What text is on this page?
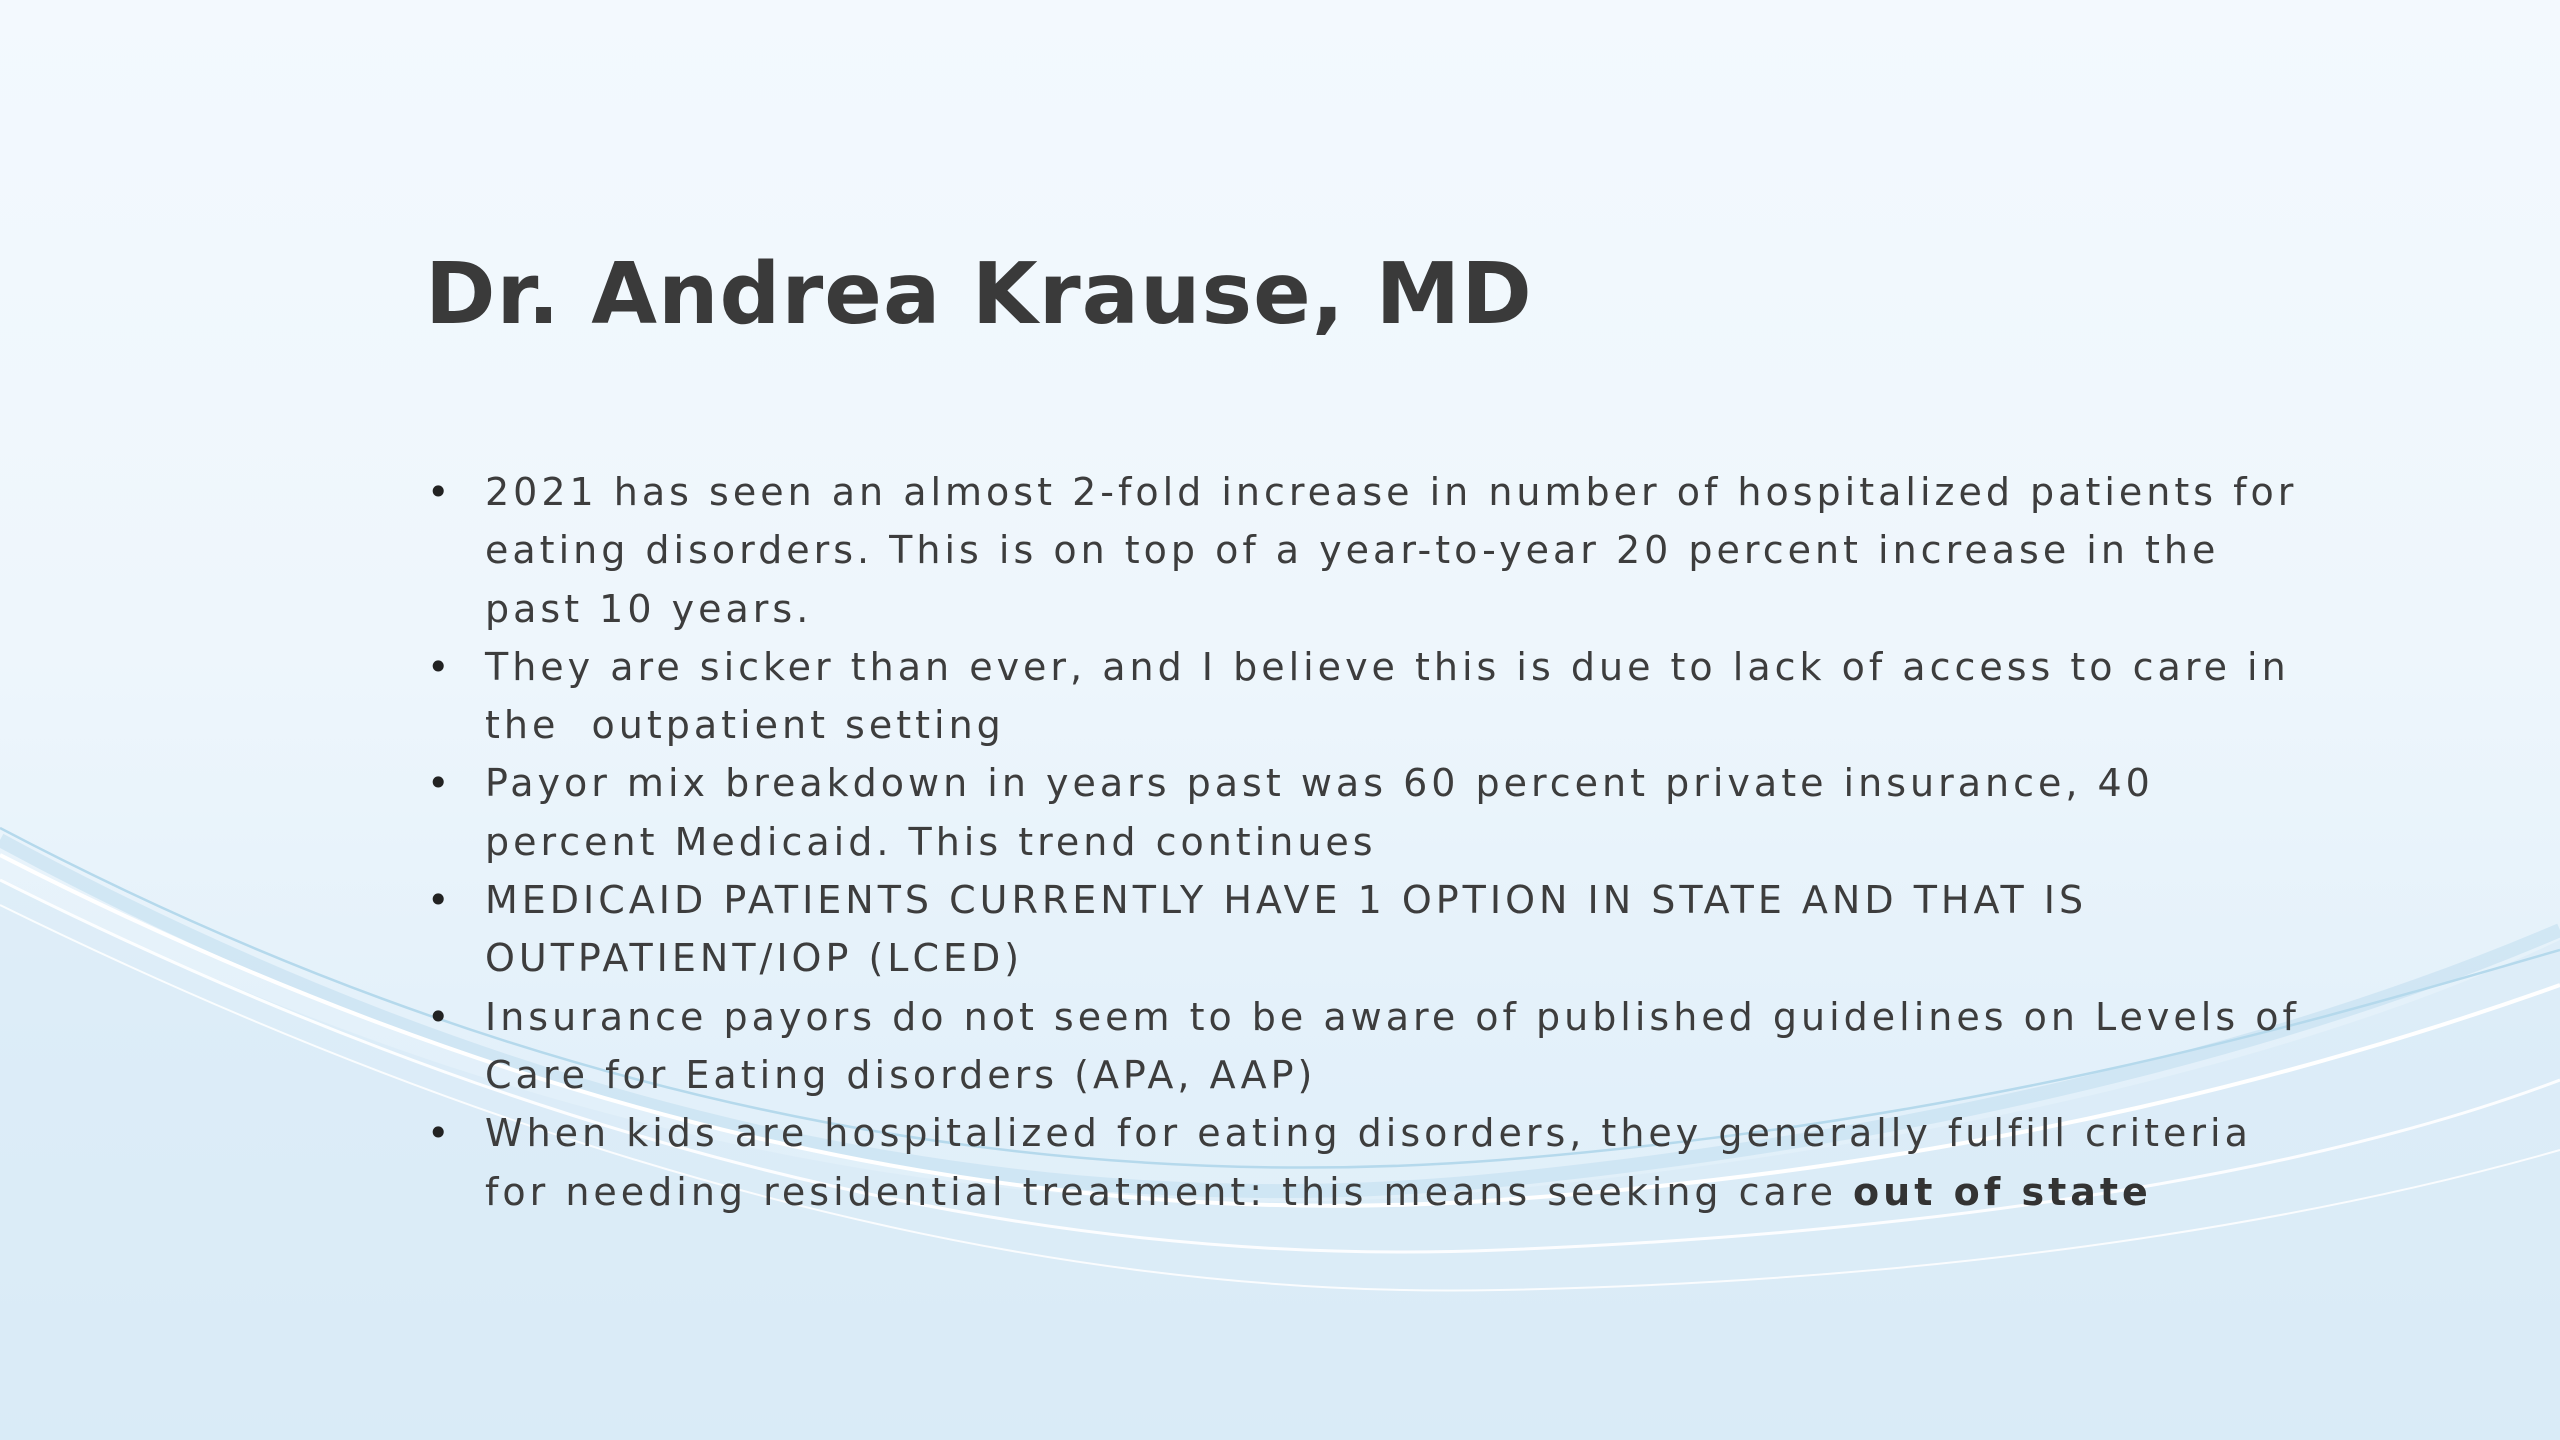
Dr. Andrea Krause, MD
• 2021 has seen an almost 2-fold increase in number of hospitalized patients for eating disorders. This is on top of a year-to-year 20 percent increase in the past 10 years.
• They are sicker than ever, and I believe this is due to lack of access to care in the  outpatient setting
• Payor mix breakdown in years past was 60 percent private insurance, 40 percent Medicaid. This trend continues
• MEDICAID PATIENTS CURRENTLY HAVE 1 OPTION IN STATE AND THAT IS OUTPATIENT/IOP (LCED)
• Insurance payors do not seem to be aware of published guidelines on Levels of Care for Eating disorders (APA, AAP)
• When kids are hospitalized for eating disorders, they generally fulfill criteria for needing residential treatment: this means seeking care out of state
